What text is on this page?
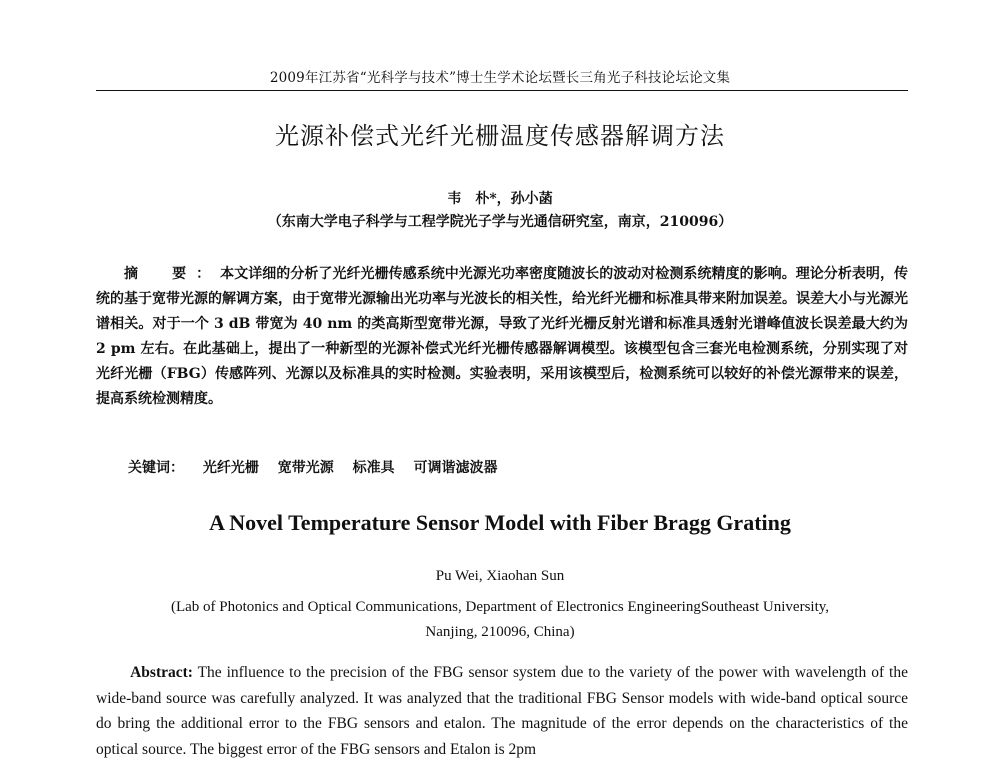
2009年江苏省“光科学与技术”博士生学术论坛暨长三角光子科技论坛论文集
光源补偿式光纤光栅温度传感器解调方法
韦　朴*，孙小菡
（东南大学电子科学与工程学院光子学与光通信研究室，南京，210096）
摘　要：本文详细的分析了光纤光栅传感系统中光源光功率密度随波长的波动对检测系统精度的影响。理论分析表明，传统的基于宽带光源的解调方案，由于宽带光源输出光功率与光波长的相关性，给光纤光栅和标准具带来附加误差。误差大小与光源光谱相关。对于一个 3 dB 带宽为 40 nm 的类高斯型宽带光源，导致了光纤光栅反射光谱和标准具透射光谱峰值波长误差最大约为 2 pm 左右。在此基础上，提出了一种新型的光源补偿式光纤光栅传感器解调模型。该模型包含三套光电检测系统，分别实现了对光纤光栅（FBG）传感阵列、光源以及标准具的实时检测。实验表明，采用该模型后，检测系统可以较好的补偿光源带来的误差，提高系统检测精度。
关键词： 光纤光栅 宽带光源 标准具 可调谐滤波器
A Novel Temperature Sensor Model with Fiber Bragg Grating
Pu Wei, Xiaohan Sun
(Lab of Photonics and Optical Communications, Department of Electronics EngineeringSoutheast University,
Nanjing, 210096, China)
Abstract: The influence to the precision of the FBG sensor system due to the variety of the power with wavelength of the wide-band source was carefully analyzed. It was analyzed that the traditional FBG Sensor models with wide-band optical source do bring the additional error to the FBG sensors and etalon. The magnitude of the error depends on the characteristics of the optical source. The biggest error of the FBG sensors and Etalon is 2pm
